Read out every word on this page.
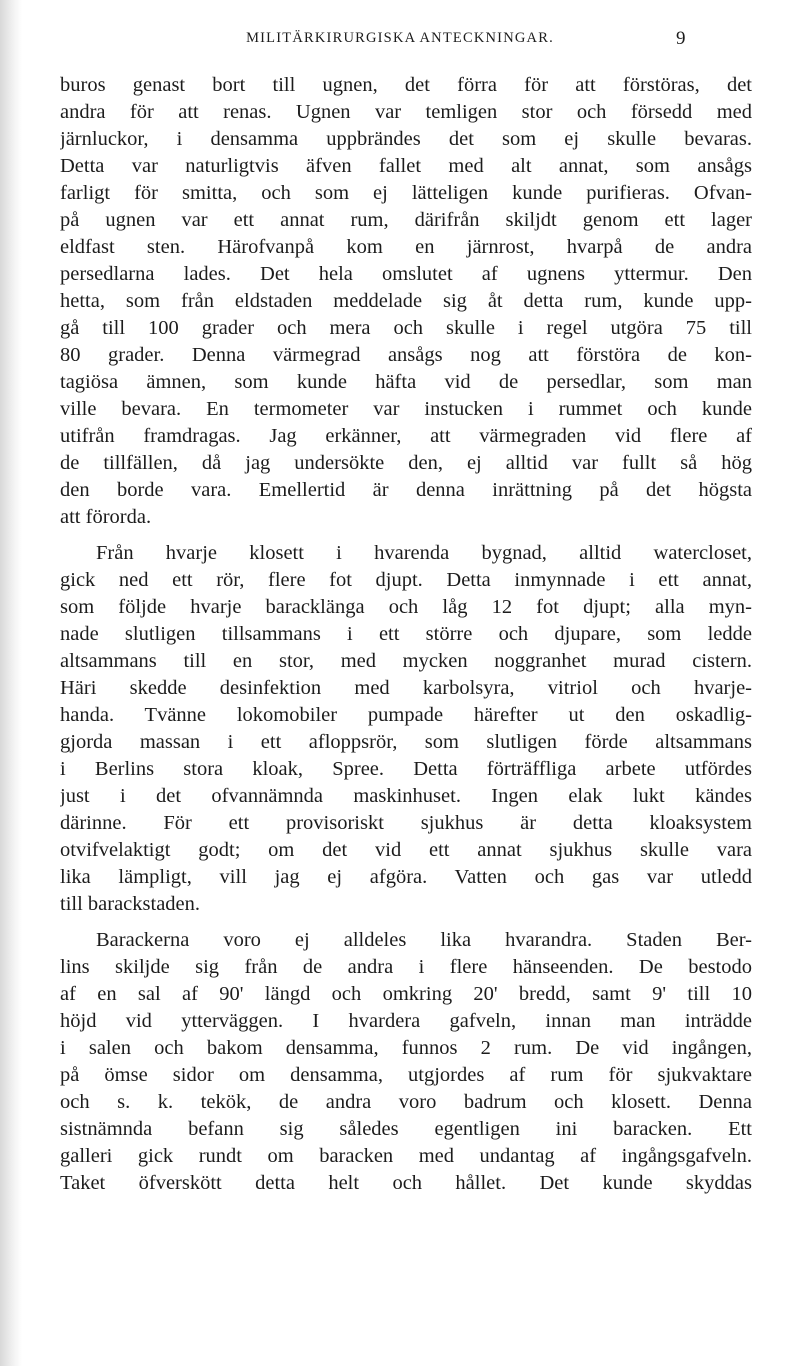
MILITÄRKIRURGISKA ANTECKNINGAR.	9
buros genast bort till ugnen, det förra för att förstöras, det
andra för att renas. Ugnen var temligen stor och försedd med
järnluckor, i densamma uppbrändes det som ej skulle bevaras.
Detta var naturligtvis äfven fallet med alt annat, som ansågs
farligt för smitta, och som ej lätteligen kunde purifieras. Ofvan-
på ugnen var ett annat rum, därifrån skiljdt genom ett lager
eldfast sten. Härofvanpå kom en järnrost, hvarpå de andra
persedlarna lades. Det hela omslutet af ugnens yttermur. Den
hetta, som från eldstaden meddelade sig åt detta rum, kunde upp-
gå till 100 grader och mera och skulle i regel utgöra 75 till
80 grader. Denna värmegrad ansågs nog att förstöra de kon-
tagiösa ämnen, som kunde häfta vid de persedlar, som man
ville bevara. En termometer var instucken i rummet och kunde
utifrån framdragas. Jag erkänner, att värmegraden vid flere af
de tillfällen, då jag undersökte den, ej alltid var fullt så hög
den borde vara. Emellertid är denna inrättning på det högsta
att förorda.
Från hvarje klosett i hvarenda bygnad, alltid watercloset,
gick ned ett rör, flere fot djupt. Detta inmynnade i ett annat,
som följde hvarje baracklänga och låg 12 fot djupt; alla myn-
nade slutligen tillsammans i ett större och djupare, som ledde
altsammans till en stor, med mycken noggranhet murad cistern.
Häri skedde desinfektion med karbolsyra, vitriol och hvarje-
handa. Tvänne lokomobiler pumpade härefter ut den oskadlig-
gjorda massan i ett afloppsrör, som slutligen förde altsammans
i Berlins stora kloak, Spree. Detta förträffliga arbete utfördes
just i det ofvannämnda maskinhuset. Ingen elak lukt kändes
därinne. För ett provisoriskt sjukhus är detta kloaksystem
otvifvelaktigt godt; om det vid ett annat sjukhus skulle vara
lika lämpligt, vill jag ej afgöra. Vatten och gas var utledd
till barackstaden.
Barackerna voro ej alldeles lika hvarandra. Staden Ber-
lins skiljde sig från de andra i flere hänseenden. De bestodo
af en sal af 90' längd och omkring 20' bredd, samt 9' till 10
höjd vid ytterväggen. I hvardera gafveln, innan man inträdde
i salen och bakom densamma, funnos 2 rum. De vid ingången,
på ömse sidor om densamma, utgjordes af rum för sjukvaktare
och s. k. tekök, de andra voro badrum och klosett. Denna
sistnämnda befann sig således egentligen ini baracken. Ett
galleri gick rundt om baracken med undantag af ingångsgafveln.
Taket öfverskött detta helt och hållet. Det kunde skyddas
